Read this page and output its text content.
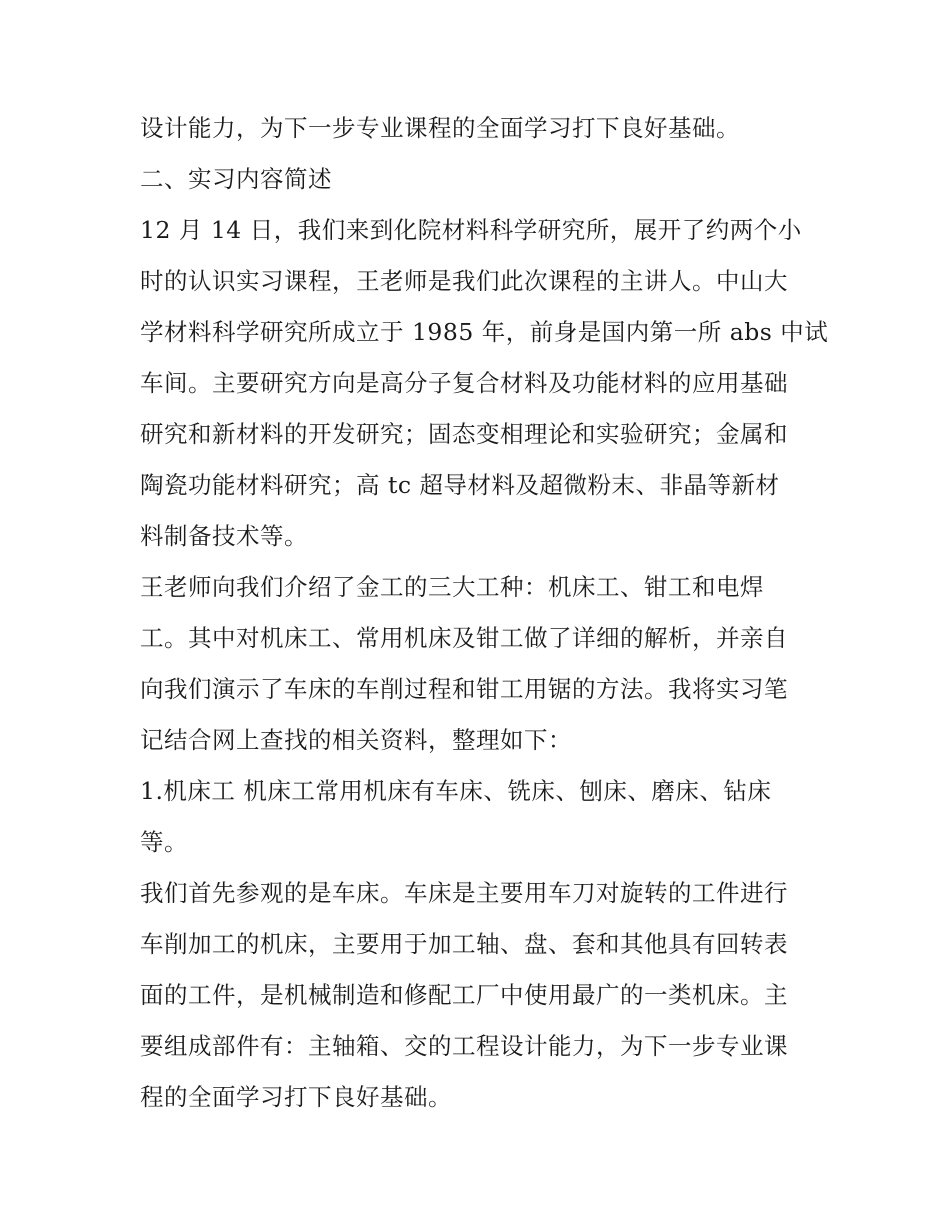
设计能力，为下一步专业课程的全面学习打下良好基础。
二、实习内容简述
12 月 14 日，我们来到化院材料科学研究所，展开了约两个小
时的认识实习课程，王老师是我们此次课程的主讲人。中山大
学材料科学研究所成立于 1985 年，前身是国内第一所 abs 中试
车间。主要研究方向是高分子复合材料及功能材料的应用基础
研究和新材料的开发研究；固态变相理论和实验研究；金属和
陶瓷功能材料研究；高 tc 超导材料及超微粉末、非晶等新材
料制备技术等。
王老师向我们介绍了金工的三大工种：机床工、钳工和电焊
工。其中对机床工、常用机床及钳工做了详细的解析，并亲自
向我们演示了车床的车削过程和钳工用锯的方法。我将实习笔
记结合网上查找的相关资料，整理如下：
1.机床工 机床工常用机床有车床、铣床、刨床、磨床、钻床
等。
我们首先参观的是车床。车床是主要用车刀对旋转的工件进行
车削加工的机床，主要用于加工轴、盘、套和其他具有回转表
面的工件，是机械制造和修配工厂中使用最广的一类机床。主
要组成部件有：主轴箱、交的工程设计能力，为下一步专业课
程的全面学习打下良好基础。
